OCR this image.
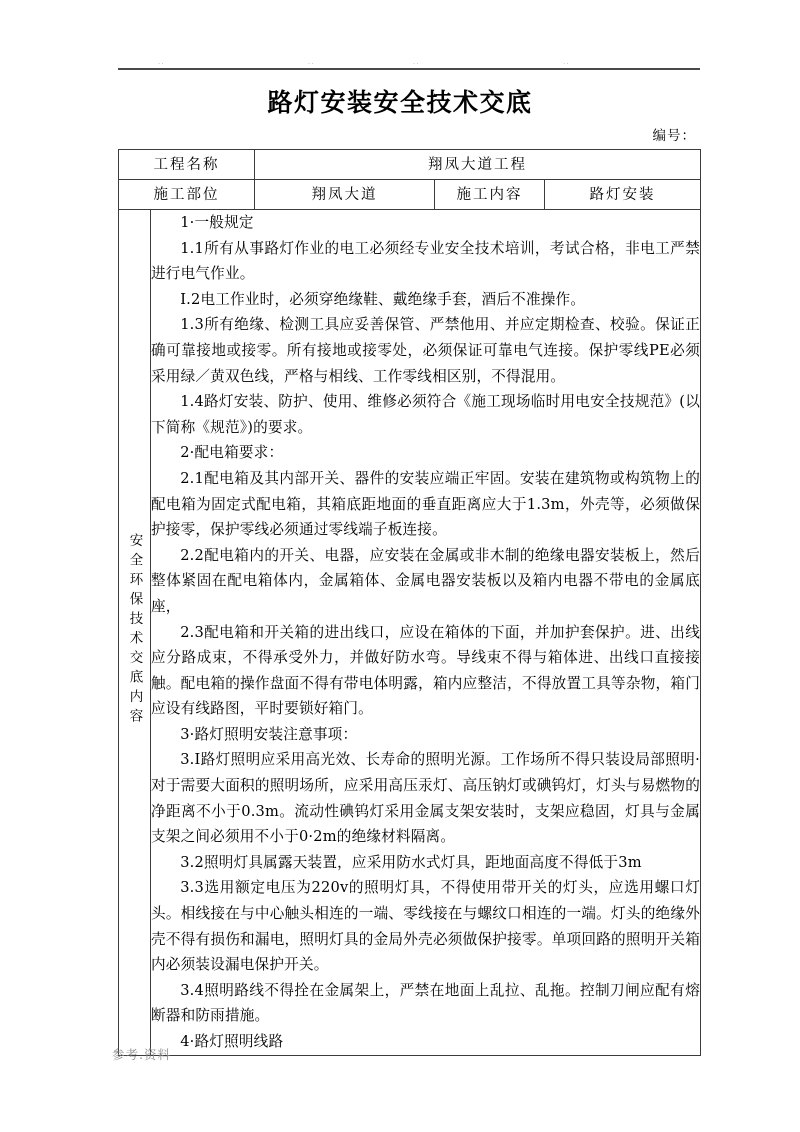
..	..	..	..
路灯安装安全技术交底
编号：
工程名称		翔凤大道工程		
施工部位		翔凤大道	施工内容	路灯安装
安全环保技术交底内容	

1·一般规定

1.1所有从事路灯作业的电工必须经专业安全技术培训，考试合格，非电工严禁进行电气作业。

I.2电工作业时，必须穿绝缘鞋、戴绝缘手套，酒后不准操作。

1.3所有绝缘、检测工具应妥善保管、严禁他用、并应定期检查、校验。保证正确可靠接地或接零。所有接地或接零处，必须保证可靠电气连接。保护零线PE必须采用绿／黄双色线，严格与相线、工作零线相区别，不得混用。

1.4路灯安装、防护、使用、维修必须符合《施工现场临时用电安全技规范》(以下简称《规范》)的要求。

2·配电箱要求：

2.1配电箱及其内部开关、器件的安装应端正牢固。安装在建筑物或构筑物上的配电箱为固定式配电箱，其箱底距地面的垂直距离应大于1.3m，外壳等，必须做保护接零，保护零线必须通过零线端子板连接。

2.2配电箱内的开关、电器，应安装在金属或非木制的绝缘电器安装板上，然后整体紧固在配电箱体内，金属箱体、金属电器安装板以及箱内电器不带电的金属底座，

2.3配电箱和开关箱的进出线口，应设在箱体的下面，并加护套保护。进、出线应分路成束，不得承受外力，并做好防水弯。导线束不得与箱体进、出线口直接接触。配电箱的操作盘面不得有带电体明露，箱内应整洁，不得放置工具等杂物，箱门应设有线路图，平时要锁好箱门。

3·路灯照明安装注意事项：

3.I路灯照明应采用高光效、长寿命的照明光源。工作场所不得只装设局部照明·对于需要大面积的照明场所，应采用高压汞灯、高压钠灯或碘钨灯，灯头与易燃物的净距离不小于0.3m。流动性碘钨灯采用金属支架安装时，支架应稳固，灯具与金属支架之间必须用不小于0·2m的绝缘材料隔离。

3.2照明灯具属露天装置，应采用防水式灯具，距地面高度不得低于3m

3.3选用额定电压为220v的照明灯具，不得使用带开关的灯头，应选用螺口灯头。相线接在与中心触头相连的一端、零线接在与螺纹口相连的一端。灯头的绝缘外壳不得有损伤和漏电，照明灯具的金局外壳必须做保护接零。单项回路的照明开关箱内必须装设漏电保护开关。

3.4照明路线不得拴在金属架上，严禁在地面上乱拉、乱拖。控制刀闸应配有熔断器和防雨措施。

4·路灯照明线路

参考.资料
